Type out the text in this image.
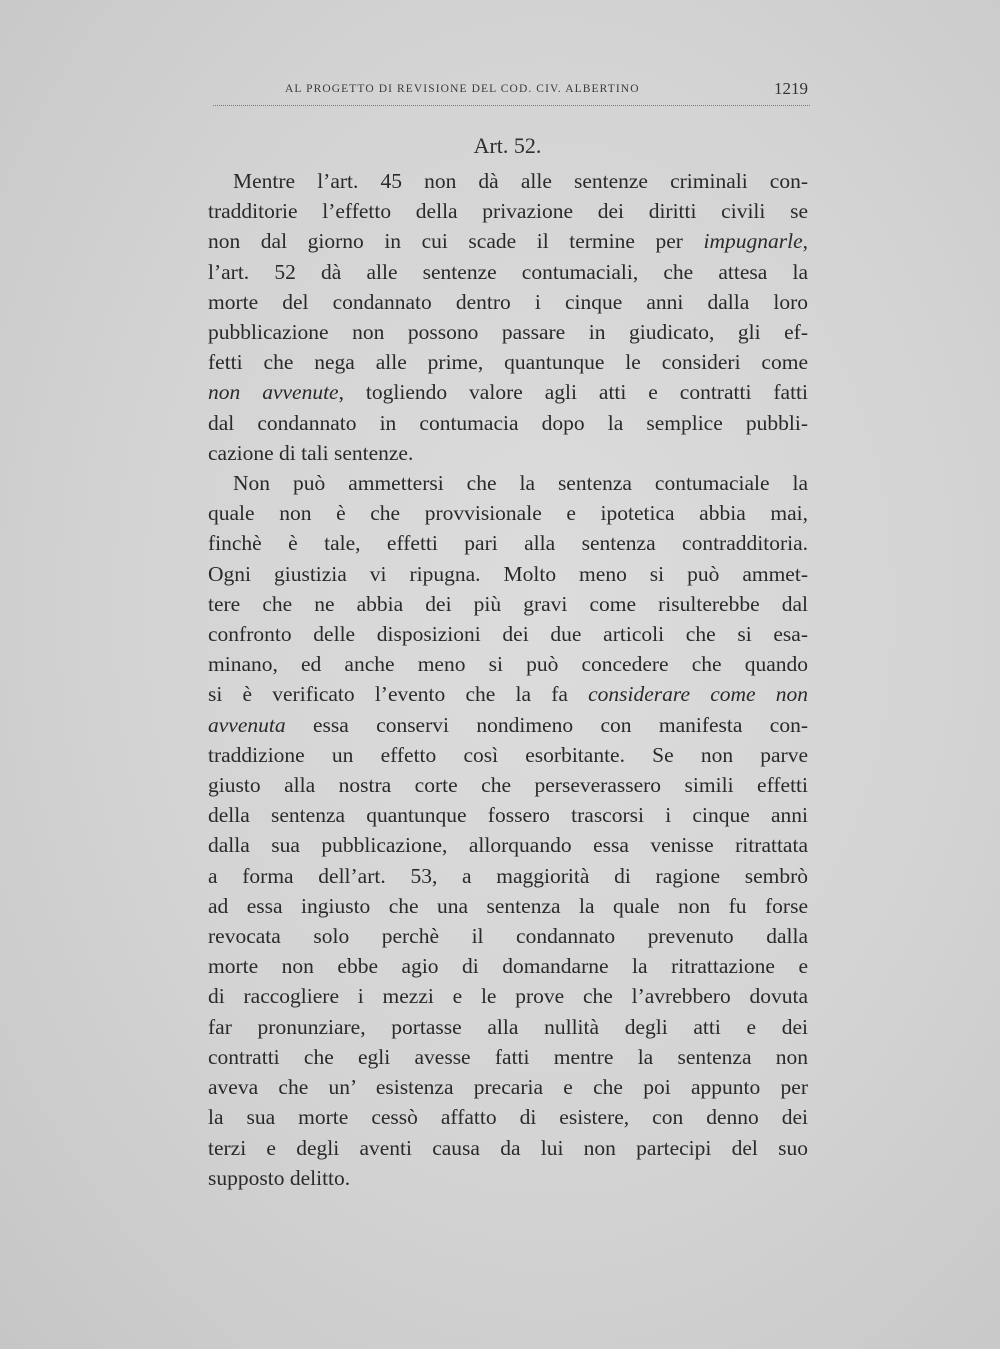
AL PROGETTO DI REVISIONE DEL COD. CIV. ALBERTINO	1219
Art. 52.
Mentre l’art. 45 non dà alle sentenze criminali con-
tradditorie l’effetto della privazione dei diritti civili se
non dal giorno in cui scade il termine per impugnarle,
l’art. 52 dà alle sentenze contumaciali, che attesa la
morte del condannato dentro i cinque anni dalla loro
pubblicazione non possono passare in giudicato, gli ef-
fetti che nega alle prime, quantunque le consideri come
non avvenute, togliendo valore agli atti e contratti fatti
dal condannato in contumacia dopo la semplice pubbli-
cazione di tali sentenze.
Non può ammettersi che la sentenza contumaciale la
quale non è che provvisionale e ipotetica abbia mai,
finchè è tale, effetti pari alla sentenza contradditoria.
Ogni giustizia vi ripugna. Molto meno si può ammet-
tere che ne abbia dei più gravi come risulterebbe dal
confronto delle disposizioni dei due articoli che si esa-
minano, ed anche meno si può concedere che quando
si è verificato l’evento che la fa considerare come non
avvenuta essa conservi nondimeno con manifesta con-
traddizione un effetto così esorbitante. Se non parve
giusto alla nostra corte che perseverassero simili effetti
della sentenza quantunque fossero trascorsi i cinque anni
dalla sua pubblicazione, allorquando essa venisse ritrattata
a forma dell’art. 53, a maggiorità di ragione sembrò
ad essa ingiusto che una sentenza la quale non fu forse
revocata solo perchè il condannato prevenuto dalla
morte non ebbe agio di domandarne la ritrattazione e
di raccogliere i mezzi e le prove che l’avrebbero dovuta
far pronunziare, portasse alla nullità degli atti e dei
contratti che egli avesse fatti mentre la sentenza non
aveva che un’ esistenza precaria e che poi appunto per
la sua morte cessò affatto di esistere, con denno dei
terzi e degli aventi causa da lui non partecipi del suo
supposto delitto.
